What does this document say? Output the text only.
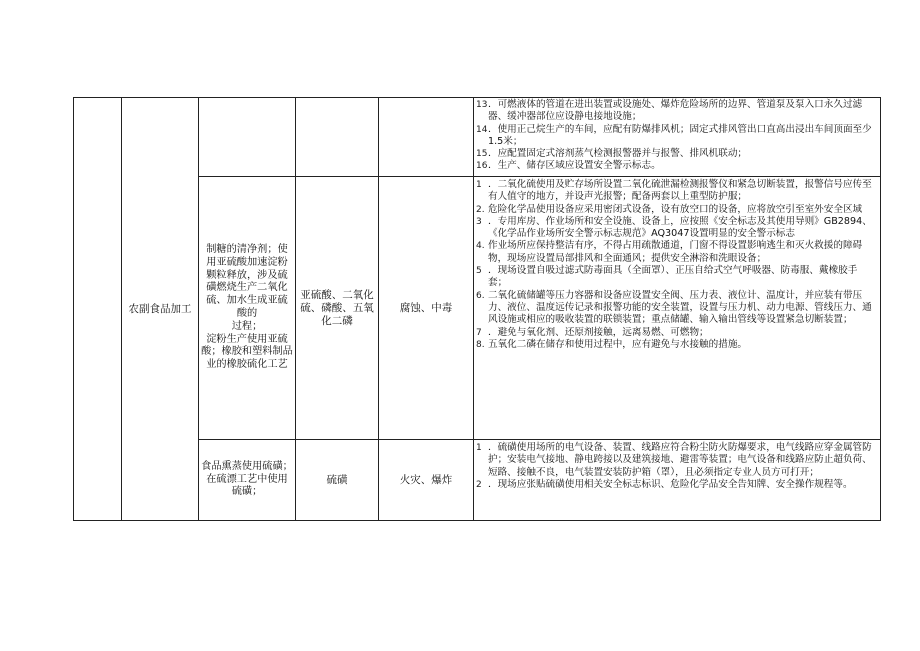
农副食品加工
13 ．可燃液体的管道在进出装置或设施处、爆炸危险场所的边界、管道泵及泵入口永久过滤器、缓冲器部位应设静电接地设施；
14 ．使用正己烷生产的车间，应配有防爆排风机；固定式排风管出口直高出浸出车间顶面至少1.5米；
15 ．应配置固定式溶剂蒸气检测报警器并与报警、排风机联动；
16 ．生产、储存区域应设置安全警示标志。
制糖的清净剂；使
用亚硫酸加速淀粉
颗粒释放，涉及硫
磺燃烧生产二氧化
硫、加水生成亚硫
酸的
过程；
淀粉生产使用亚硫
酸；橡胶和塑料制品
业的橡胶硫化工艺
亚硫酸、二氧化
硫、磷酸、五氧
化二磷
腐蚀、中毒
1 ．二氧化硫使用及贮存场所设置二氧化硫泄漏检测报警仪和紧急切断装置，报警信号应传至有人值守的地方，并设声光报警；配备两套以上重型防护服；
2. 危险化学品使用设备应采用密闭式设备，设有放空口的设备，应将放空引至室外安全区域
3 ．专用库房、作业场所和安全设施、设备上，应按照《安全标志及其使用导则》GB2894、《化学品作业场所安全警示标志规范》AQ3047设置明显的安全警示标志
4. 作业场所应保持整洁有序，不得占用疏散通道，门窗不得设置影响逃生和灭火救援的障碍物，现场应设置局部排风和全面通风；提供安全淋浴和洗眼设备；
5 ．现场设置自吸过滤式防毒面具（全面罩）、正压自给式空气呼吸器、防毒服、戴橡胶手套；
6. 二氧化硫储罐等压力容器和设备应设置安全阀、压力表、液位计、温度计，并应装有带压力、液位、温度远传记录和报警功能的安全装置，设置与压力机、动力电源、管线压力、通风设施或相应的吸收装置的联锁装置；重点储罐、输入输出管线等设置紧急切断装置；
7 ．避免与氧化剂、还原剂接触，远离易燃、可燃物；
8. 五氧化二磷在储存和使用过程中，应有避免与水接触的措施。
食品熏蒸使用硫磺；
在硫漂工艺中使用
硫磺；
硫磺	火灾、爆炸
1 ．硫磺使用场所的电气设备、装置、线路应符合粉尘防火防爆要求，电气线路应穿金属管防护；安装电气接地、静电跨接以及建筑接地、避雷等装置；电气设备和线路应防止超负荷、短路、接触不良，电气装置安装防护箱（罩），且必须指定专业人员方可打开；
2 ．现场应张贴硫磺使用相关安全标志标识、危险化学品安全告知牌、安全操作规程等。
